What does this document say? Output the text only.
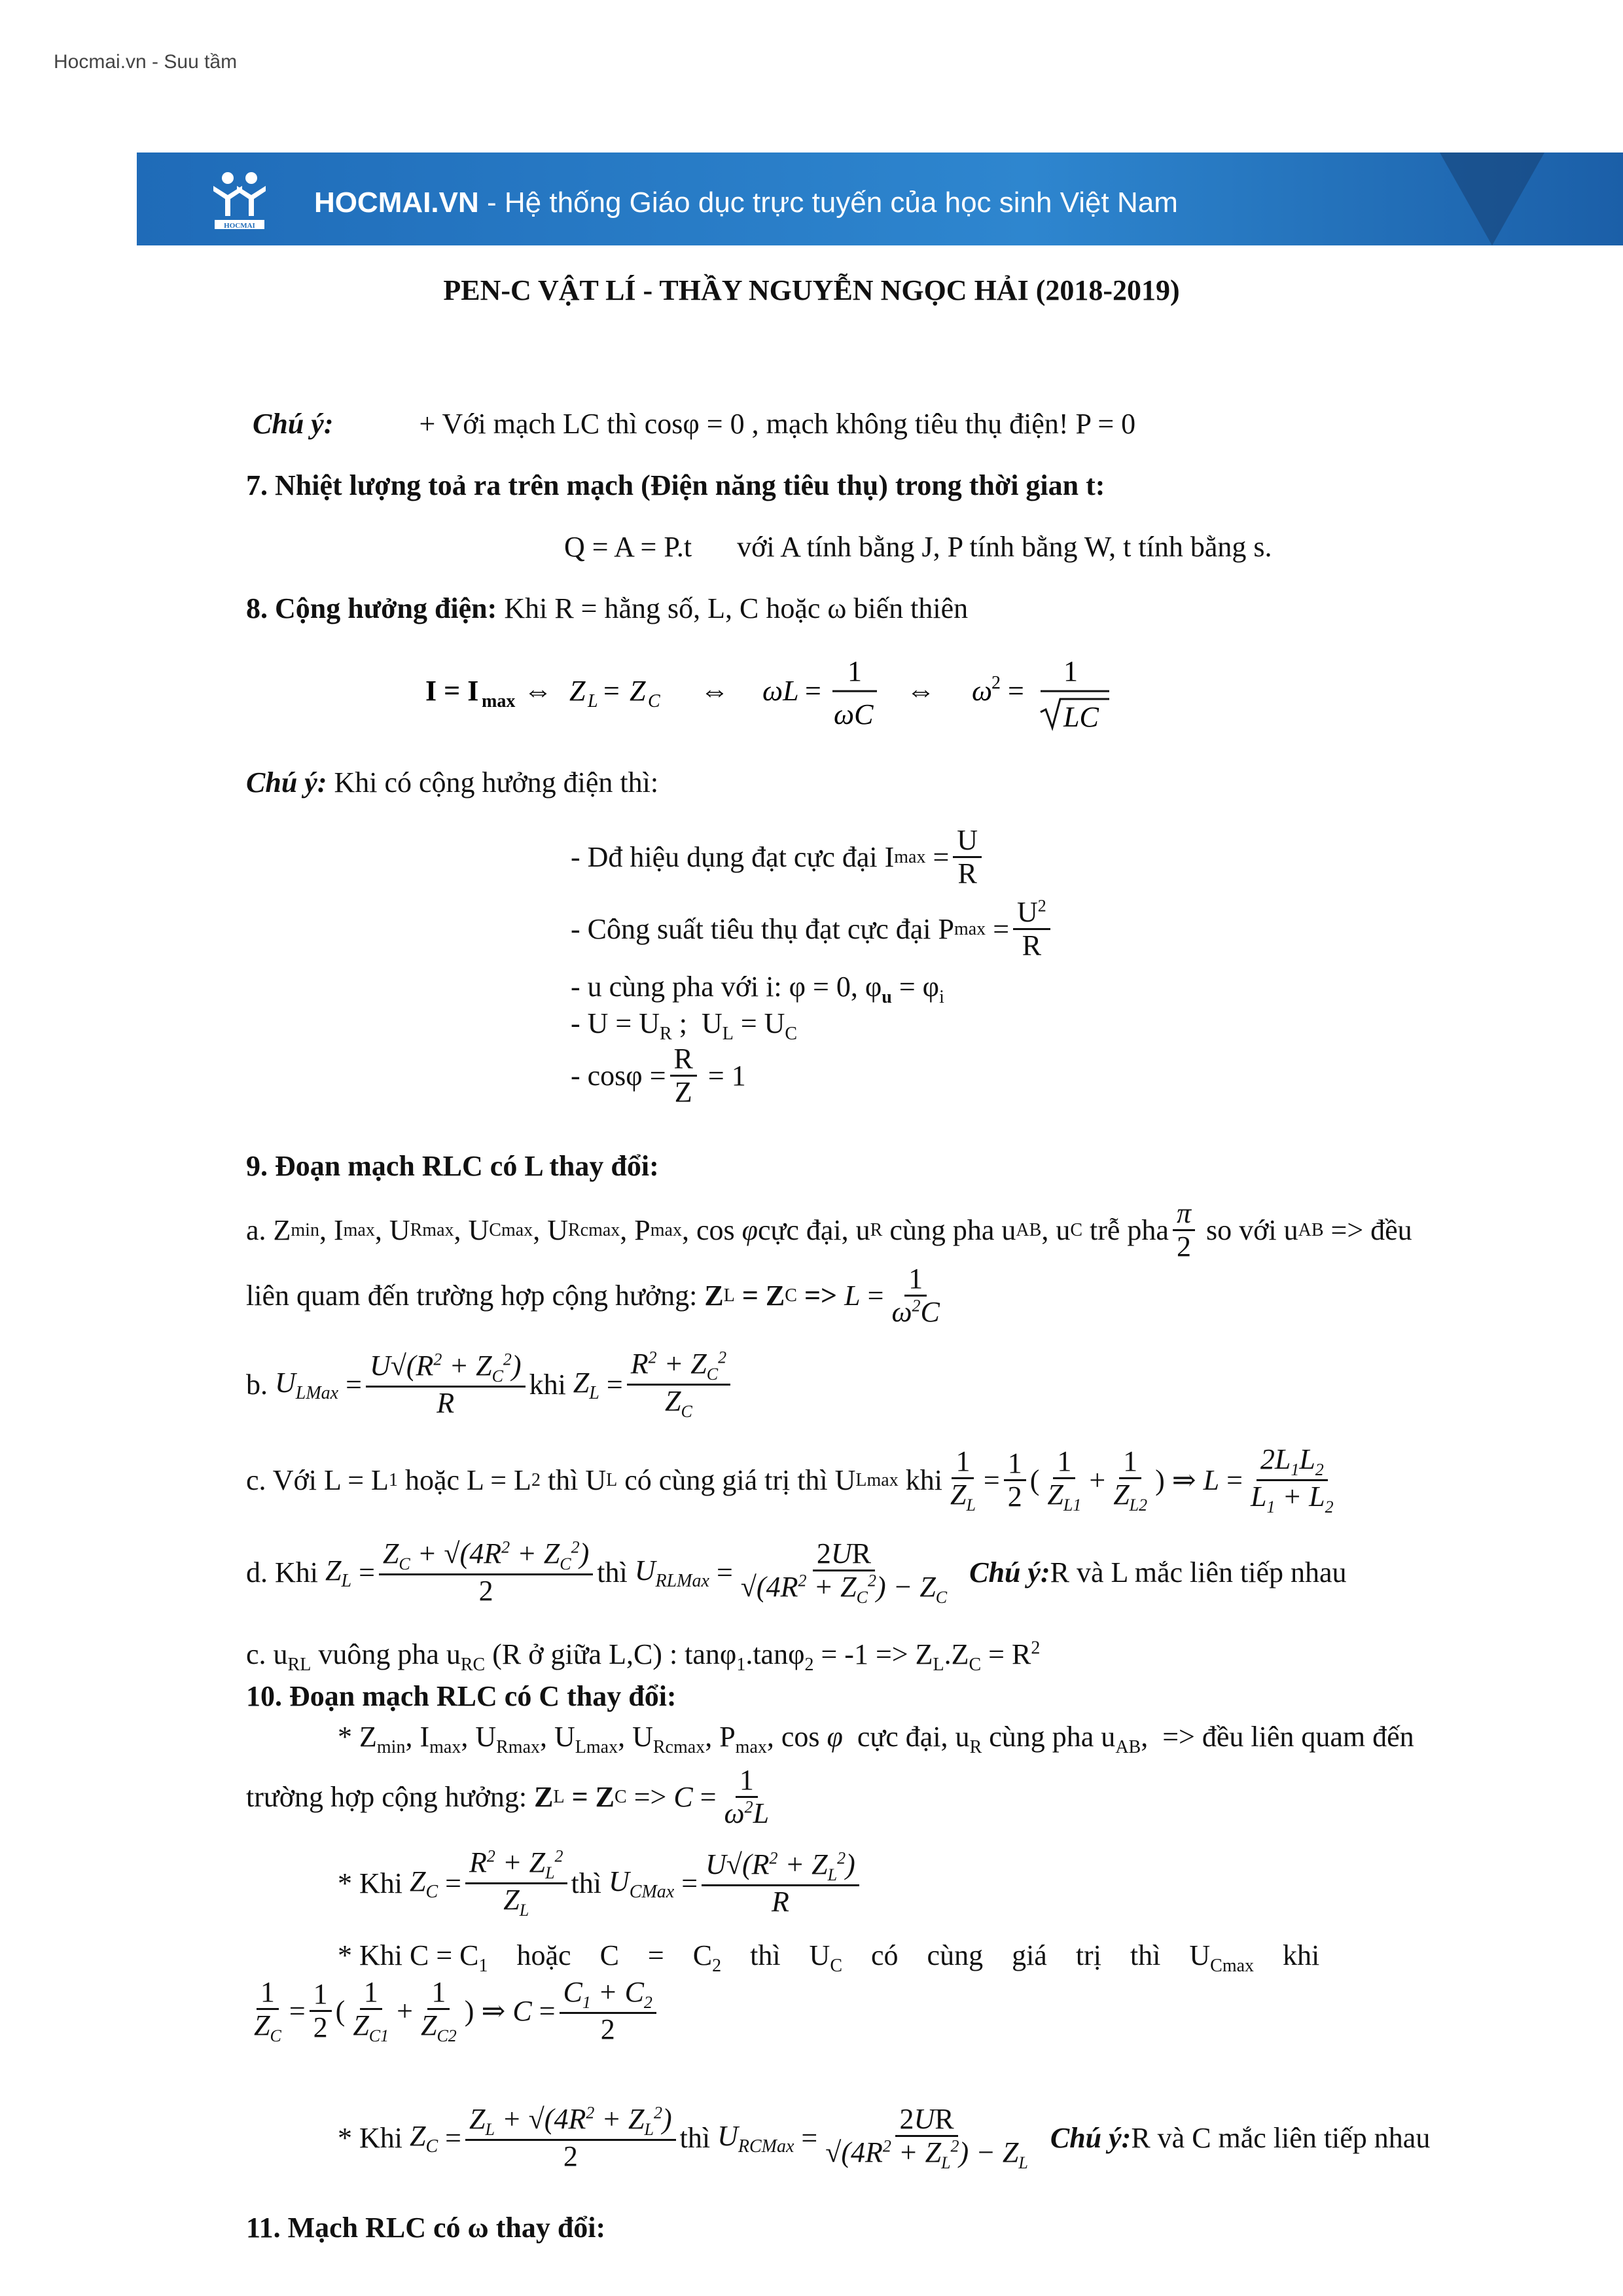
Hocmai.vn - Suu tầm
HOCMAI
HOCMAI.VN - Hệ thống Giáo dục trực tuyến của học sinh Việt Nam
PEN-C VẬT LÍ - THẦY NGUYỄN NGỌC HẢI (2018-2019)
Chú ý:	+ Với mạch LC thì cosφ = 0 , mạch không tiêu thụ điện! P = 0
7. Nhiệt lượng toả ra trên mạch (Điện năng tiêu thụ) trong thời gian t:
Q = A = P.t với A tính bằng J, P tính bằng W, t tính bằng s.
8. Cộng hưởng điện: Khi R = hằng số, L, C hoặc ω biến thiên
I = I max ⇔ Z L = Z C ⇔ ωL =
1
ωC
⇔ ω
2 =
1
LC
Chú ý: Khi có cộng hưởng điện thì:
- Dđ hiệu dụng đạt cực đại I $\max = \frac{U}{R}$
- Công suất tiêu thụ đạt cực đại P $\max = \frac{U^2}{R}$
- u cùng pha với i: φ = 0, $\varphi_u = \varphi_i$
- $U = U_R$ ;  $U_L = U_C$
- $\cos\varphi = \frac{R}{Z} = 1$
9. Đoạn mạch RLC có L thay đổi:
a. Z min , I max , U Rmax , U Cmax , U Rcmax , P max , cos φ cực đại, u R cùng pha u AB , u C trễ pha $\frac{\pi}{2}$ so với u AB => đều
liên quam đến trường hợp cộng hưởng:
Z L
= Z C
=>
$L = \frac{1}{\omega^2C}$
b.
$U_{LMax} = \frac{U√(R^2 + Z_C^2)}{R}$ khi
$Z_L = \frac{R^2 + Z_C^2}{Z_C}$
c. Với L = L 1 hoặc L = L 2 thì U L có cùng giá trị thì U Lmax khi $\frac{1}{Z_L} = \frac{1}{2}$ ( $\frac{1}{Z_{L1}} + \frac{1}{Z_{L2}}$ ) ⇒ $L = \frac{2L_1L_2}{L_1 + L_2}$
d. Khi
$Z_L = \frac{Z_C + √(4R^2 + Z_C^2)}{2}$ thì
$U_{RLMax} = \frac{2UR}{√(4R^2 + Z_C^2) - Z_C}$
Chú ý: R và L mắc liên tiếp nhau
c. $u_{RL}$ vuông pha $u_{RC}$ (R ở giữa L,C) : $\tan\varphi_1.\tan\varphi_2 = -1 => Z_L.Z_C = R^2$
10. Đoạn mạch RLC có C thay đổi:
* $Z_{min}$, $I_{max}$, $U_{Rmax}$, $U_{Lmax}$, $U_{Rcmax}$, $P_{max}$, cos φ  cực đại, $u_R$ cùng pha $u_{AB}$,  => đều liên quam đến
trường hợp cộng hưởng:
Z L
= Z $C => C = \frac{1}{\omega^2L}$
* Khi
$Z_C = \frac{R^2 + Z_L^2}{Z_L}$ thì
$U_{CMax} = \frac{U√(R^2 + Z_L^2)}{R}$
* Khi $C = C_1$    hoặc    C    =    $C_2$    thì    $U_C$    có    cùng    giá    trị    thì    $U_{Cmax}$    khi
$\frac{1}{Z_C} = \frac{1}{2}$ ( $\frac{1}{Z_{C1}} + \frac{1}{Z_{C2}}$ ) ⇒ $C = \frac{C_1 + C_2}{2}$
* Khi
$Z_C = \frac{Z_L + √(4R^2 + Z_L^2)}{2}$ thì
$U_{RCMax} = \frac{2UR}{√(4R^2 + Z_L^2) - Z_L}$
Chú ý: R và C mắc liên tiếp nhau
11. Mạch RLC có ω thay đổi:
